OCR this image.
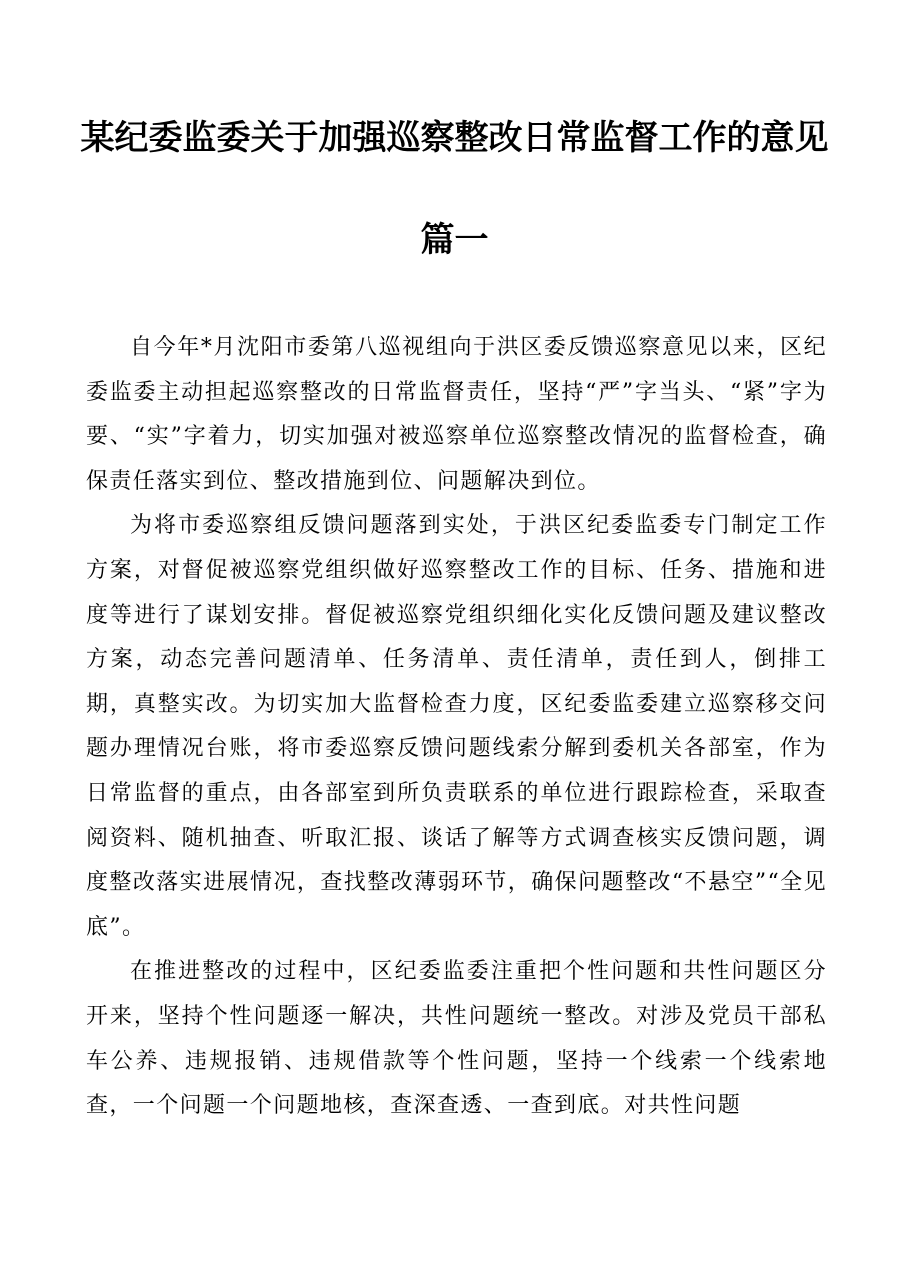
某纪委监委关于加强巡察整改日常监督工作的意见
篇一

自今年*月沈阳市委第八巡视组向于洪区委反馈巡察意见以来，区纪委监委主动担起巡察整改的日常监督责任，坚持“严”字当头、“紧”字为要、“实”字着力，切实加强对被巡察单位巡察整改情况的监督检查，确保责任落实到位、整改措施到位、问题解决到位。

为将市委巡察组反馈问题落到实处，于洪区纪委监委专门制定工作方案，对督促被巡察党组织做好巡察整改工作的目标、任务、措施和进度等进行了谋划安排。督促被巡察党组织细化实化反馈问题及建议整改方案，动态完善问题清单、任务清单、责任清单，责任到人，倒排工期，真整实改。为切实加大监督检查力度，区纪委监委建立巡察移交问题办理情况台账，将市委巡察反馈问题线索分解到委机关各部室，作为日常监督的重点，由各部室到所负责联系的单位进行跟踪检查，采取查阅资料、随机抽查、听取汇报、谈话了解等方式调查核实反馈问题，调度整改落实进展情况，查找整改薄弱环节，确保问题整改“不悬空”“全见底”。

在推进整改的过程中，区纪委监委注重把个性问题和共性问题区分开来，坚持个性问题逐一解决，共性问题统一整改。对涉及党员干部私车公养、违规报销、违规借款等个性问题，坚持一个线索一个线索地查，一个问题一个问题地核，查深查透、一查到底。对共性问题
